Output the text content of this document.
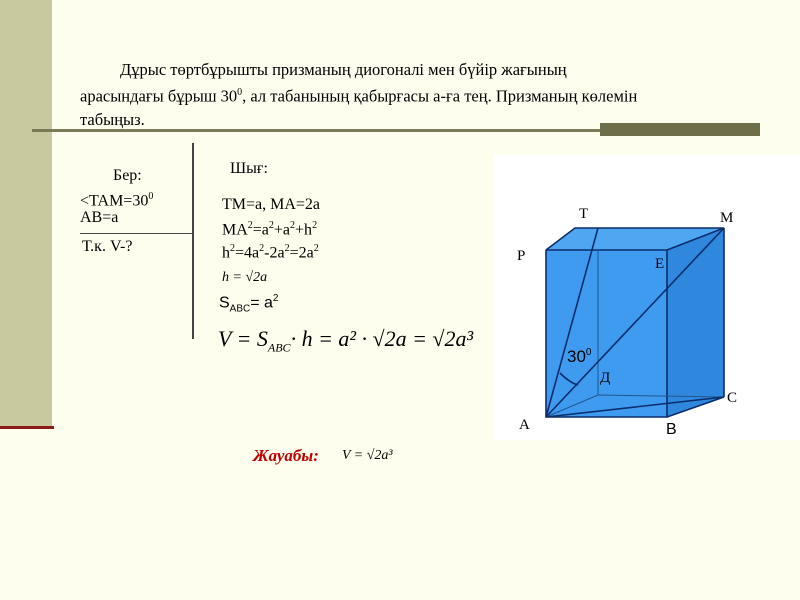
Дұрыс төртбұрышты призманың диогоналі мен бүйір жағының

арасындағы бұрыш $30^0$, ал табанының қабырғасы а-ға тең. Призманың көлемін

табыңыз.

Бер:
$<TAM=30^0$
AB=a
Т.к. V-?
Шығ:
TM=a, MA=2a
$MA^2=a^2+a^2+h^2$
$h^2=4a^2-2a^2=2a^2$
h = √2a
$S_{ABC}= a^2$
$V = S_{ABC}\cdot h = a^2 \cdot √2a = √2a^3$
T	M
P	E
Д
A	B
C
$30^0$
Жауабы: V = √2a³
